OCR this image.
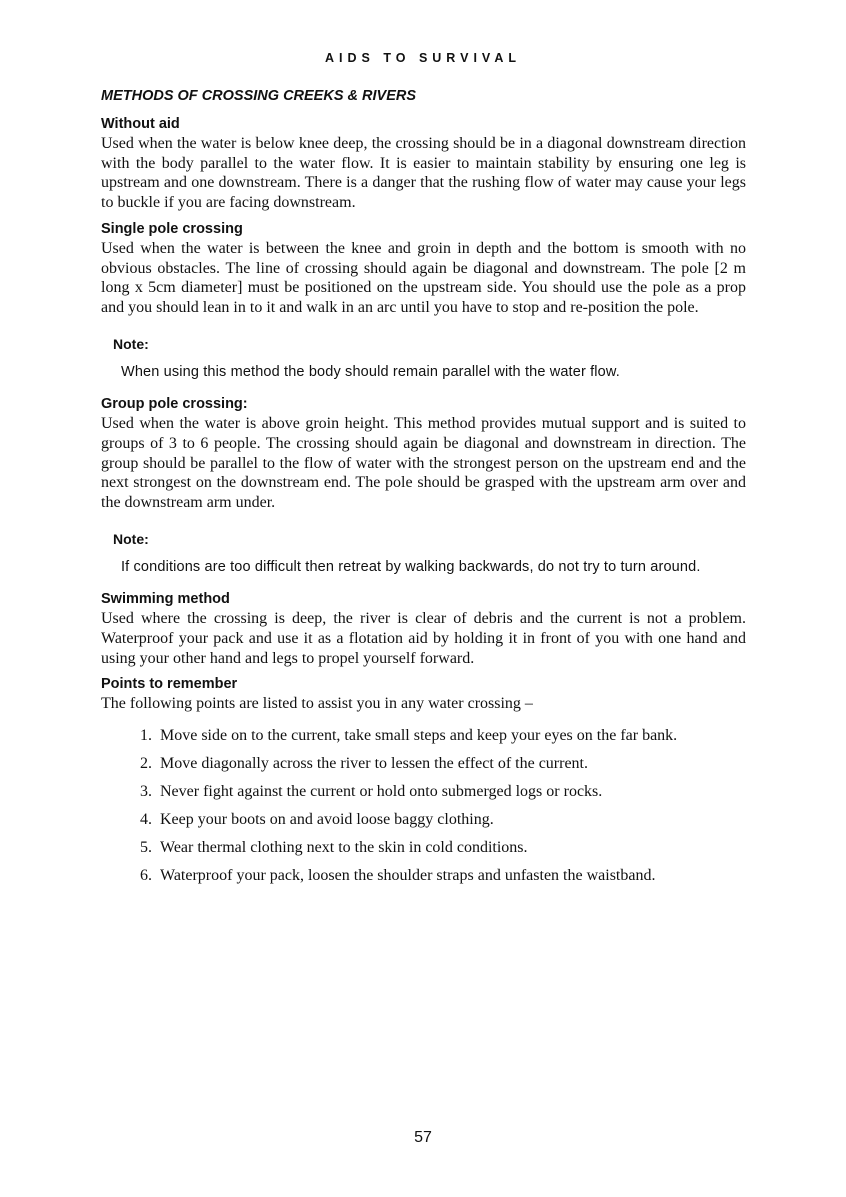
AIDS TO SURVIVAL

METHODS OF CROSSING CREEKS & RIVERS

Without aid

Used when the water is below knee deep, the crossing should be in a diagonal downstream direction with the body parallel to the water flow. It is easier to maintain stability by ensuring one leg is upstream and one downstream. There is a danger that the rushing flow of water may cause your legs to buckle if you are facing downstream.

Single pole crossing

Used when the water is between the knee and groin in depth and the bottom is smooth with no obvious obstacles. The line of crossing should again be diagonal and downstream. The pole [2 m long x 5cm diameter] must be positioned on the upstream side. You should use the pole as a prop and you should lean in to it and walk in an arc until you have to stop and re-position the pole.

Note:

When using this method the body should remain parallel with the water flow.

Group pole crossing:

Used when the water is above groin height. This method provides mutual support and is suited to groups of 3 to 6 people. The crossing should again be diagonal and downstream in direction. The group should be parallel to the flow of water with the strongest person on the upstream end and the next strongest on the downstream end. The pole should be grasped with the upstream arm over and the downstream arm under.

Note:

If conditions are too difficult then retreat by walking backwards, do not try to turn around.

Swimming method

Used where the crossing is deep, the river is clear of debris and the current is not a problem. Waterproof your pack and use it as a flotation aid by holding it in front of you with one hand and using your other hand and legs to propel yourself forward.

Points to remember

The following points are listed to assist you in any water crossing –

1 . Move side on to the current, take small steps and keep your eyes on the far bank.
2 . Move diagonally across the river to lessen the effect of the current.
3 . Never fight against the current or hold onto submerged logs or rocks.
4 . Keep your boots on and avoid loose baggy clothing.
5 . Wear thermal clothing next to the skin in cold conditions.
6 . Waterproof your pack, loosen the shoulder straps and unfasten the waistband.

57
